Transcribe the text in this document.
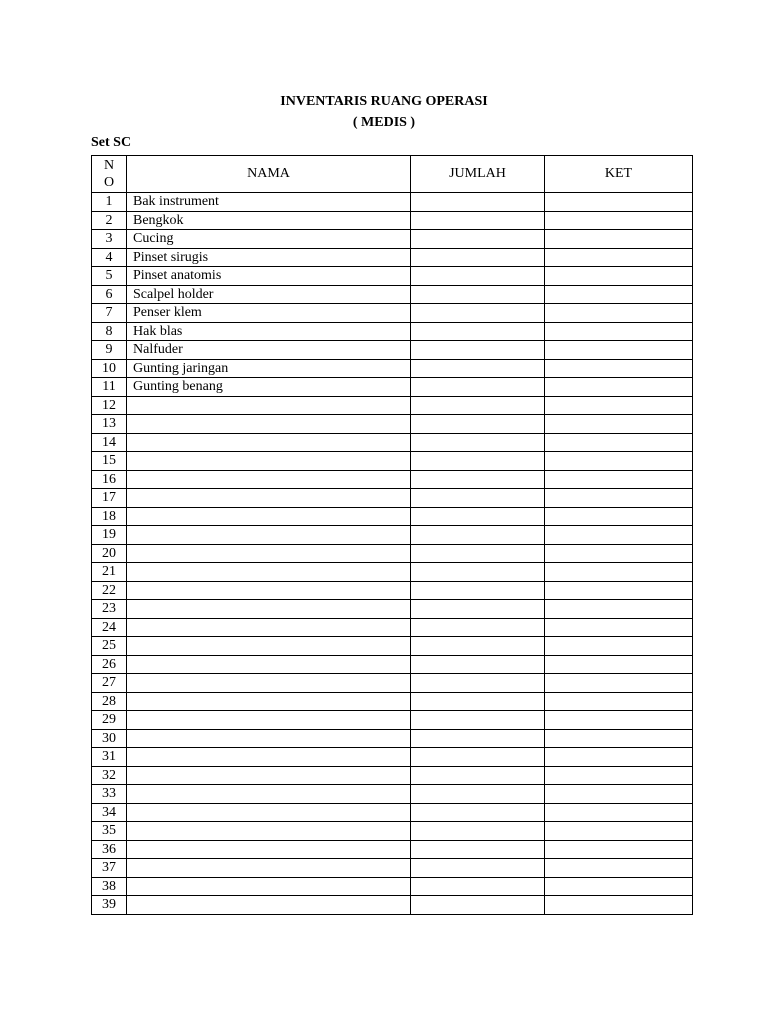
INVENTARIS RUANG OPERASI
( MEDIS )
Set SC
NO	NAMA	JUMLAH	KET
1	Bak instrument		
2	Bengkok		
3	Cucing		
4	Pinset sirugis		
5	Pinset anatomis		
6	Scalpel holder		
7	Penser klem		
8	Hak blas		
9	Nalfuder		
10	Gunting jaringan		
11	Gunting benang		
12			
13			
14			
15			
16			
17			
18			
19			
20			
21			
22			
23			
24			
25			
26			
27			
28			
29			
30			
31			
32			
33			
34			
35			
36			
37			
38			
39			
